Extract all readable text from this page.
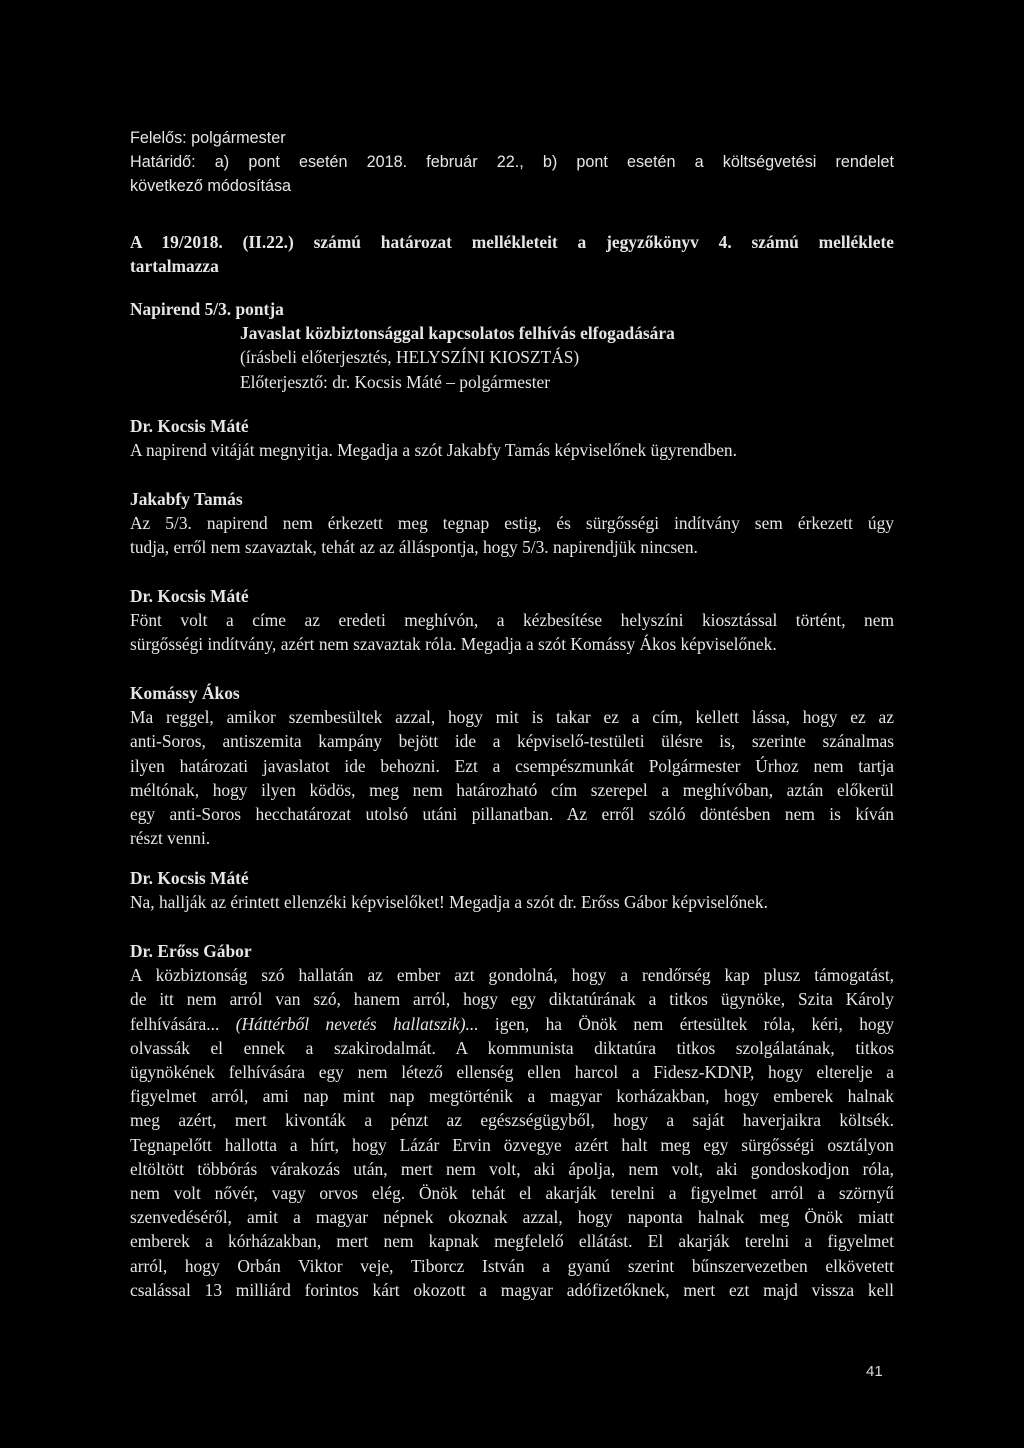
Felelős: polgármester
Határidő: a) pont esetén 2018. február 22., b) pont esetén a költségvetési rendelet
következő módosítása
A 19/2018. (II.22.) számú határozat mellékleteit a jegyzőkönyv 4. számú melléklete
tartalmazza
Napirend 5/3. pontja
Javaslat közbiztonsággal kapcsolatos felhívás elfogadására
(írásbeli előterjesztés, HELYSZÍNI KIOSZTÁS)
Előterjesztő: dr. Kocsis Máté – polgármester
Dr. Kocsis Máté
A napirend vitáját megnyitja. Megadja a szót Jakabfy Tamás képviselőnek ügyrendben.
Jakabfy Tamás
Az 5/3. napirend nem érkezett meg tegnap estig, és sürgősségi indítvány sem érkezett úgy
tudja, erről nem szavaztak, tehát az az álláspontja, hogy 5/3. napirendjük nincsen.
Dr. Kocsis Máté
Fönt volt a címe az eredeti meghívón, a kézbesítése helyszíni kiosztással történt, nem
sürgősségi indítvány, azért nem szavaztak róla. Megadja a szót Komássy Ákos képviselőnek.
Komássy Ákos
Ma reggel, amikor szembesültek azzal, hogy mit is takar ez a cím, kellett lássa, hogy ez az
anti-Soros, antiszemita kampány bejött ide a képviselő-testületi ülésre is, szerinte szánalmas
ilyen határozati javaslatot ide behozni. Ezt a csempészmunkát Polgármester Úrhoz nem tartja
méltónak, hogy ilyen ködös, meg nem határozható cím szerepel a meghívóban, aztán előkerül
egy anti-Soros hecchatározat utolsó utáni pillanatban. Az erről szóló döntésben nem is kíván
részt venni.
Dr. Kocsis Máté
Na, hallják az érintett ellenzéki képviselőket! Megadja a szót dr. Erőss Gábor képviselőnek.
Dr. Erőss Gábor
A közbiztonság szó hallatán az ember azt gondolná, hogy a rendőrség kap plusz támogatást,
de itt nem arról van szó, hanem arról, hogy egy diktatúrának a titkos ügynöke, Szita Károly
felhívására... (Háttérből nevetés hallatszik)... igen, ha Önök nem értesültek róla, kéri, hogy
olvassák el ennek a szakirodalmát. A kommunista diktatúra titkos szolgálatának, titkos
ügynökének felhívására egy nem létező ellenség ellen harcol a Fidesz-KDNP, hogy elterelje a
figyelmet arról, ami nap mint nap megtörténik a magyar korházakban, hogy emberek halnak
meg azért, mert kivonták a pénzt az egészségügyből, hogy a saját haverjaikra költsék.
Tegnapelőtt hallotta a hírt, hogy Lázár Ervin özvegye azért halt meg egy sürgősségi osztályon
eltöltött többórás várakozás után, mert nem volt, aki ápolja, nem volt, aki gondoskodjon róla,
nem volt nővér, vagy orvos elég. Önök tehát el akarják terelni a figyelmet arról a szörnyű
szenvedéséről, amit a magyar népnek okoznak azzal, hogy naponta halnak meg Önök miatt
emberek a kórházakban, mert nem kapnak megfelelő ellátást. El akarják terelni a figyelmet
arról, hogy Orbán Viktor veje, Tiborcz István a gyanú szerint bűnszervezetben elkövetett
csalással 13 milliárd forintos kárt okozott a magyar adófizetőknek, mert ezt majd vissza kell
41
